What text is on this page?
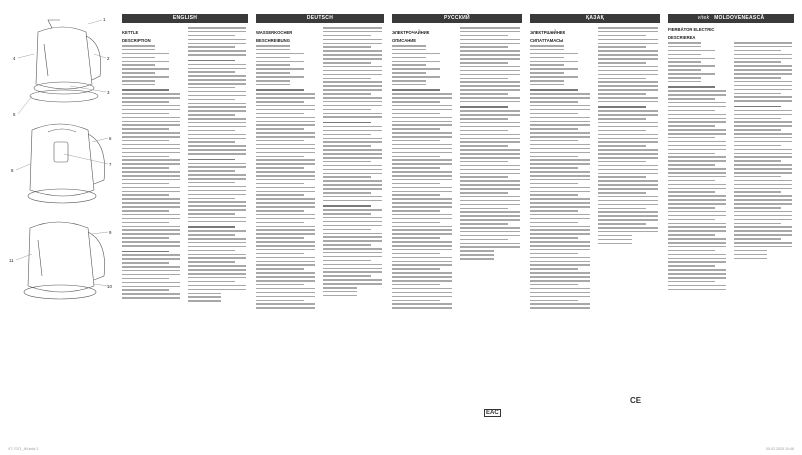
1
2
3
4
5
6
7
8
9
10
11
ENGLISH
KETTLE
DESCRIPTION
DEUTSCH
WASSERKOCHER
BESCHREIBUNG
РУССКИЙ
ЭЛЕКТРОЧАЙНИК
ОПИСАНИЕ
EAC
ҚАЗАҚ
ЭЛЕКТРШӘЙНЕК
СИПАТТАМАСЫ
CE
vitek MOLDOVENEASCĂ
FIERBĂTOR ELECTRIC
DESCRIEREA
VT-7071_IM.indd 1	05.02.2020 10:48
